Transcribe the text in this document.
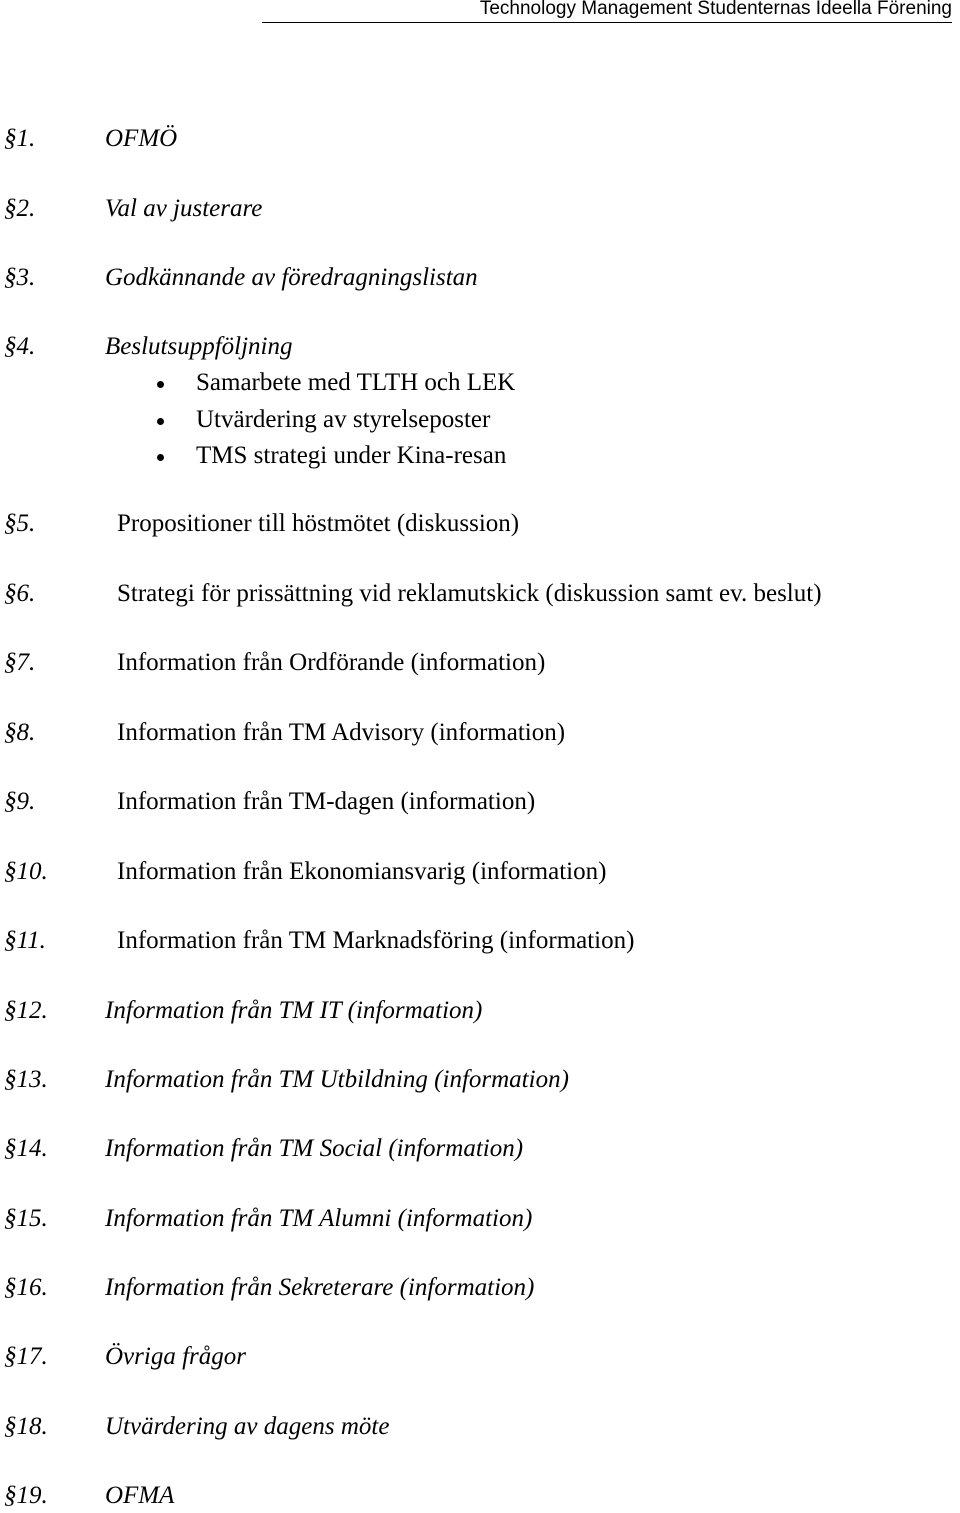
Technology Management Studenternas Ideella Förening
§1.	OFMÖ
§2.	Val av justerare
§3.	Godkännande av föredragningslistan
§4.	Beslutsuppföljning
Samarbete med TLTH och LEK
Utvärdering av styrelseposter
TMS strategi under Kina-resan
§5.	Propositioner till höstmötet (diskussion)
§6.	Strategi för prissättning vid reklamutskick (diskussion samt ev. beslut)
§7.	Information från Ordförande (information)
§8.	Information från TM Advisory (information)
§9.	Information från TM-dagen (information)
§10.	Information från Ekonomiansvarig (information)
§11.	Information från TM Marknadsföring (information)
§12. Information från TM IT (information)
§13. Information från TM Utbildning (information)
§14. Information från TM Social (information)
§15. Information från TM Alumni (information)
§16. Information från Sekreterare (information)
§17. Övriga frågor
§18. Utvärdering av dagens möte
§19. OFMA
